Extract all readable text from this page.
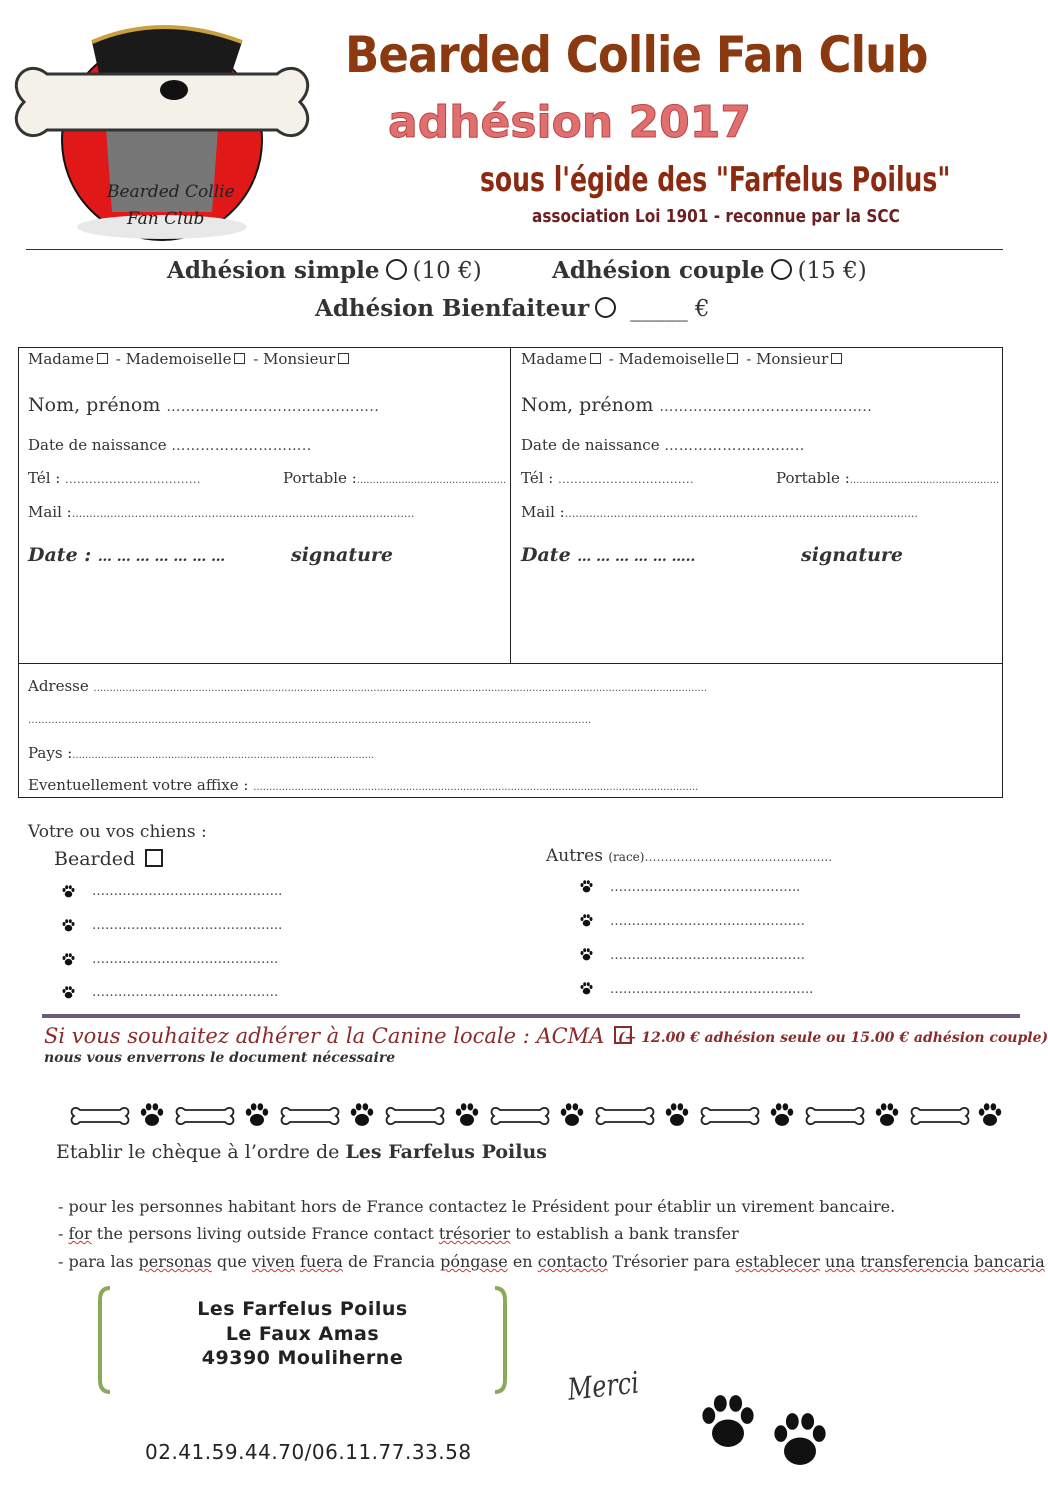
Bearded Collie
Fan Club
Bearded Collie Fan Club
adhésion 2017
sous l'égide des "Farfelus Poilus"
association Loi 1901 - reconnue par la SCC
Adhésion simple (10 €)	Adhésion couple (15 €)
Adhésion Bienfaiteur _____ €
Madame - Mademoiselle - Monsieur
Nom, prénom ……………………………………..
Date de naissance ………………………..
Tél : ..................................	Portable :...............................................
Mail :..................................................................................................
Date : … … … … … … …	signature
Madame - Mademoiselle - Monsieur
Nom, prénom ……………………………………..
Date de naissance ………………………..
Tél : ..................................	Portable :...............................................
Mail :.....................................................................................................
Date … … … … … …..	signature
Adresse .................................................................................................................................................................................................
…………………………………………………………………………………………………………………………………………………….
Pays :...............................................................................................
Eventuellement votre affixe : ............................................................................................................................................
Votre ou vos chiens :
Bearded	Autres (race)………………………………………..
……………………………………..
……………………………………..
…………………………………….
…………………………………….
……………………………………..
………………………………………
………………………………………
………………………………………..
Si vous souhaitez adhérer à la Canine locale : ACMA (+ 12.00 € adhésion seule ou 15.00 € adhésion couple)
nous vous enverrons le document nécessaire
Etablir le chèque à l’ordre de Les Farfelus Poilus
- pour les personnes habitant hors de France contactez le Président pour établir un virement bancaire.
- for the persons living outside France contact trésorier to establish a bank transfer
- para las personas que viven fuera de Francia póngase en contacto Trésorier para establecer una transferencia bancaria
Les Farfelus Poilus
Le Faux Amas
49390 Mouliherne
Merci
02.41.59.44.70/06.11.77.33.58
